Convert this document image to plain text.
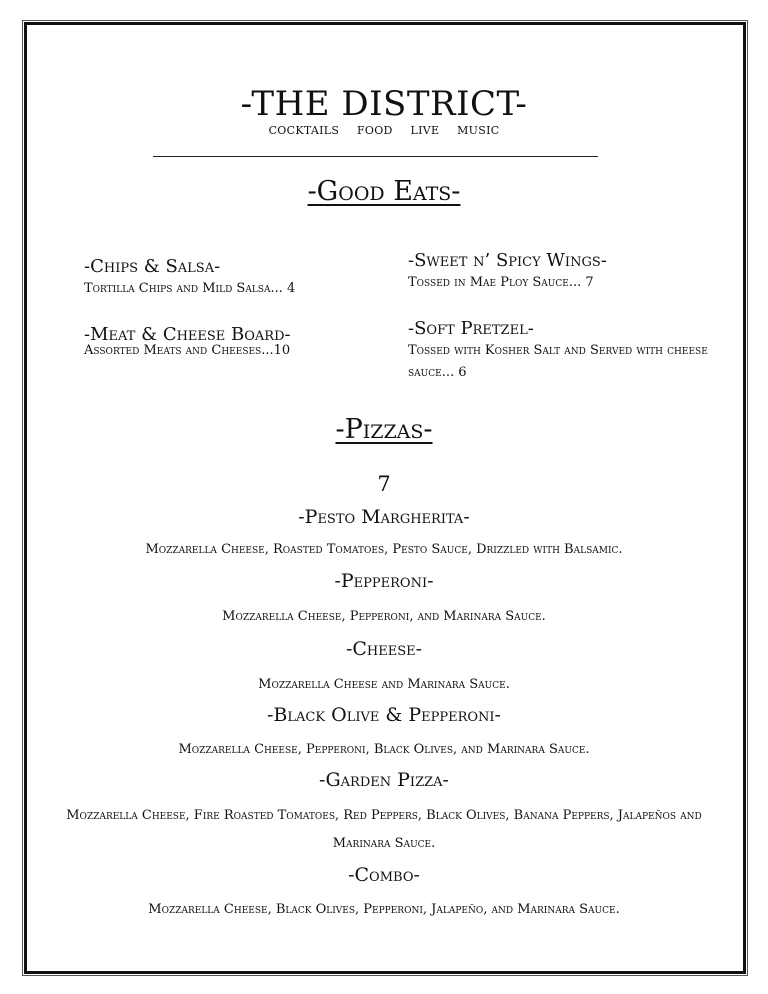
-THE DISTRICT-
COCKTAILS FOOD LIVE MUSIC
-Good Eats-
-Chips & Salsa-
Tortilla Chips and Mild Salsa... 4
-Meat & Cheese Board-
Assorted Meats and Cheeses...10
-Sweet n’ Spicy Wings-
Tossed in Mae Ploy Sauce... 7
-Soft Pretzel-
Tossed with Kosher Salt and Served with cheese sauce... 6
-Pizzas-
7
-Pesto Margherita-
Mozzarella Cheese, Roasted Tomatoes, Pesto Sauce, Drizzled with Balsamic.
-Pepperoni-
Mozzarella Cheese, Pepperoni, and Marinara Sauce.
-Cheese-
Mozzarella Cheese and Marinara Sauce.
-Black Olive & Pepperoni-
Mozzarella Cheese, Pepperoni, Black Olives, and Marinara Sauce.
-Garden Pizza-
Mozzarella Cheese, Fire Roasted Tomatoes, Red Peppers, Black Olives, Banana Peppers, Jalapeños and Marinara Sauce.
-Combo-
Mozzarella Cheese, Black Olives, Pepperoni, Jalapeño, and Marinara Sauce.
